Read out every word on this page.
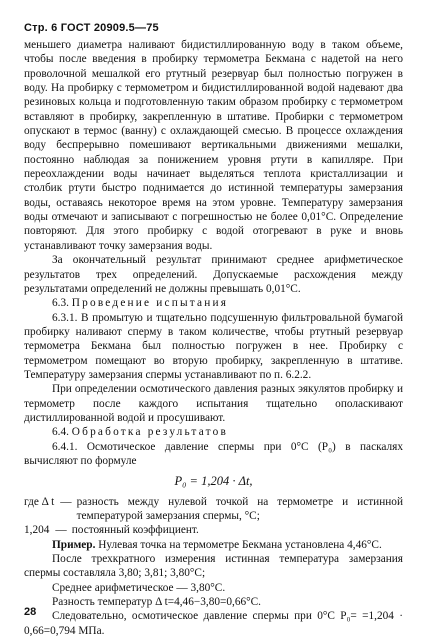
Стр. 6 ГОСТ 20909.5—75

меньшего диаметра наливают бидистиллированную воду в таком объеме, чтобы после введения в пробирку термометра Бекмана с надетой на него проволочной мешалкой его ртутный резервуар был полностью погружен в воду. На пробирку с термометром и бидистиллированной водой надевают два резиновых кольца и подготовленную таким образом пробирку с термометром вставляют в пробирку, закрепленную в штативе. Пробирки с термометром опускают в термос (ванну) с охлаждающей смесью. В процессе охлаждения воду беспрерывно помешивают вертикальными движениями мешалки, постоянно наблюдая за понижением уровня ртути в капилляре. При переохлаждении воды начинает выделяться теплота кристаллизации и столбик ртути быстро поднимается до истинной температуры замерзания воды, оставаясь некоторое время на этом уровне. Температуру замерзания воды отмечают и записывают с погрешностью не более 0,01°С. Определение повторяют. Для этого пробирку с водой отогревают в руке и вновь устанавливают точку замерзания воды.

За окончательный результат принимают среднее арифметическое результатов трех определений. Допускаемые расхождения между результатами определений не должны превышать 0,01°С.

6.3. Проведение испытания

6.3.1. В промытую и тщательно подсушенную фильтровальной бумагой пробирку наливают сперму в таком количестве, чтобы ртутный резервуар термометра Бекмана был полностью погружен в нее. Пробирку с термометром помещают во вторую пробирку, закрепленную в штативе. Температуру замерзания спермы устанавливают по п. 6.2.2.

При определении осмотического давления разных эякулятов пробирку и термометр после каждого испытания тщательно ополаскивают дистиллированной водой и просушивают.

6.4. Обработка результатов

6.4.1. Осмотическое давление спермы при 0°С (P₀) в паскалях вычисляют по формуле

P₀ = 1,204 · Δt,
где Δ t — разность между нулевой точкой на термометре и истинной температурой замерзания спермы, °С;
1,204 — постоянный коэффициент.

Пример. Нулевая точка на термометре Бекмана установлена 4,46°С.

После трехкратного измерения истинная температура замерзания спермы составляла 3,80; 3,81; 3,80°С;

Среднее арифметическое — 3,80°С.

Разность температур Δ t=4,46−3,80=0,66°С.

Следовательно, осмотическое давление спермы при 0°С P₀= =1,204 · 0,66=0,794 МПа.

28
